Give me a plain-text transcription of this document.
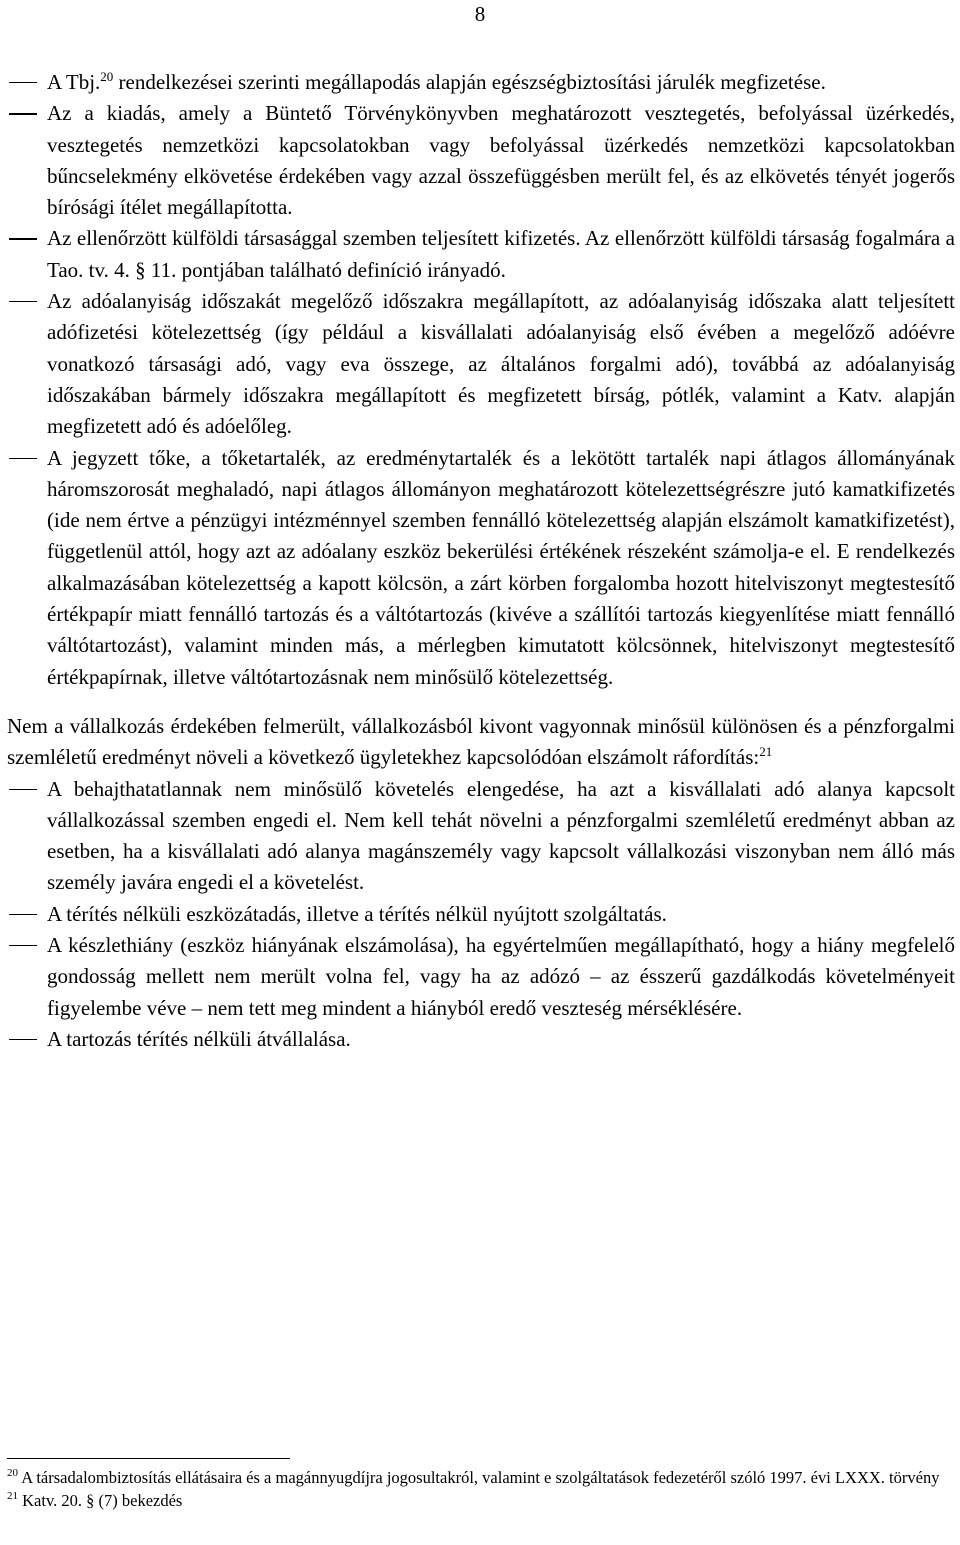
8
A Tbj.$^{20}$ rendelkezései szerinti megállapodás alapján egészségbiztosítási járulék megfizetése.
Az a kiadás, amely a Büntető Törvénykönyvben meghatározott vesztegetés, befolyással üzérkedés, vesztegetés nemzetközi kapcsolatokban vagy befolyással üzérkedés nemzetközi kapcsolatokban bűncselekmény elkövetése érdekében vagy azzal összefüggésben merült fel, és az elkövetés tényét jogerős bírósági ítélet megállapította.
Az ellenőrzött külföldi társasággal szemben teljesített kifizetés. Az ellenőrzött külföldi társaság fogalmára a Tao. tv. 4. § 11. pontjában található definíció irányadó.
Az adóalanyiság időszakát megelőző időszakra megállapított, az adóalanyiság időszaka alatt teljesített adófizetési kötelezettség (így például a kisvállalati adóalanyiság első évében a megelőző adóévre vonatkozó társasági adó, vagy eva összege, az általános forgalmi adó), továbbá az adóalanyiság időszakában bármely időszakra megállapított és megfizetett bírság, pótlék, valamint a Katv. alapján megfizetett adó és adóelőleg.
A jegyzett tőke, a tőketartalék, az eredménytartalék és a lekötött tartalék napi átlagos állományának háromszorosát meghaladó, napi átlagos állományon meghatározott kötelezettségrészre jutó kamatkifizetés (ide nem értve a pénzügyi intézménnyel szemben fennálló kötelezettség alapján elszámolt kamatkifizetést), függetlenül attól, hogy azt az adóalany eszköz bekerülési értékének részeként számolja-e el. E rendelkezés alkalmazásában kötelezettség a kapott kölcsön, a zárt körben forgalomba hozott hitelviszonyt megtestesítő értékpapír miatt fennálló tartozás és a váltótartozás (kivéve a szállítói tartozás kiegyenlítése miatt fennálló váltótartozást), valamint minden más, a mérlegben kimutatott kölcsönnek, hitelviszonyt megtestesítő értékpapírnak, illetve váltótartozásnak nem minősülő kötelezettség.

Nem a vállalkozás érdekében felmerült, vállalkozásból kivont vagyonnak minősül különösen és a pénzforgalmi szemléletű eredményt növeli a következő ügyletekhez kapcsolódóan elszámolt ráfordítás:$^{21}$

A behajthatatlannak nem minősülő követelés elengedése, ha azt a kisvállalati adó alanya kapcsolt vállalkozással szemben engedi el. Nem kell tehát növelni a pénzforgalmi szemléletű eredményt abban az esetben, ha a kisvállalati adó alanya magánszemély vagy kapcsolt vállalkozási viszonyban nem álló más személy javára engedi el a követelést.
A térítés nélküli eszközátadás, illetve a térítés nélkül nyújtott szolgáltatás.
A készlethiány (eszköz hiányának elszámolása), ha egyértelműen megállapítható, hogy a hiány megfelelő gondosság mellett nem merült volna fel, vagy ha az adózó – az ésszerű gazdálkodás követelményeit figyelembe véve – nem tett meg mindent a hiányból eredő veszteség mérséklésére.
A tartozás térítés nélküli átvállalása.

$^{20}$ A társadalombiztosítás ellátásaira és a magánnyugdíjra jogosultakról, valamint e szolgáltatások fedezetéről szóló 1997. évi LXXX. törvény

$^{21}$ Katv. 20. § (7) bekezdés
